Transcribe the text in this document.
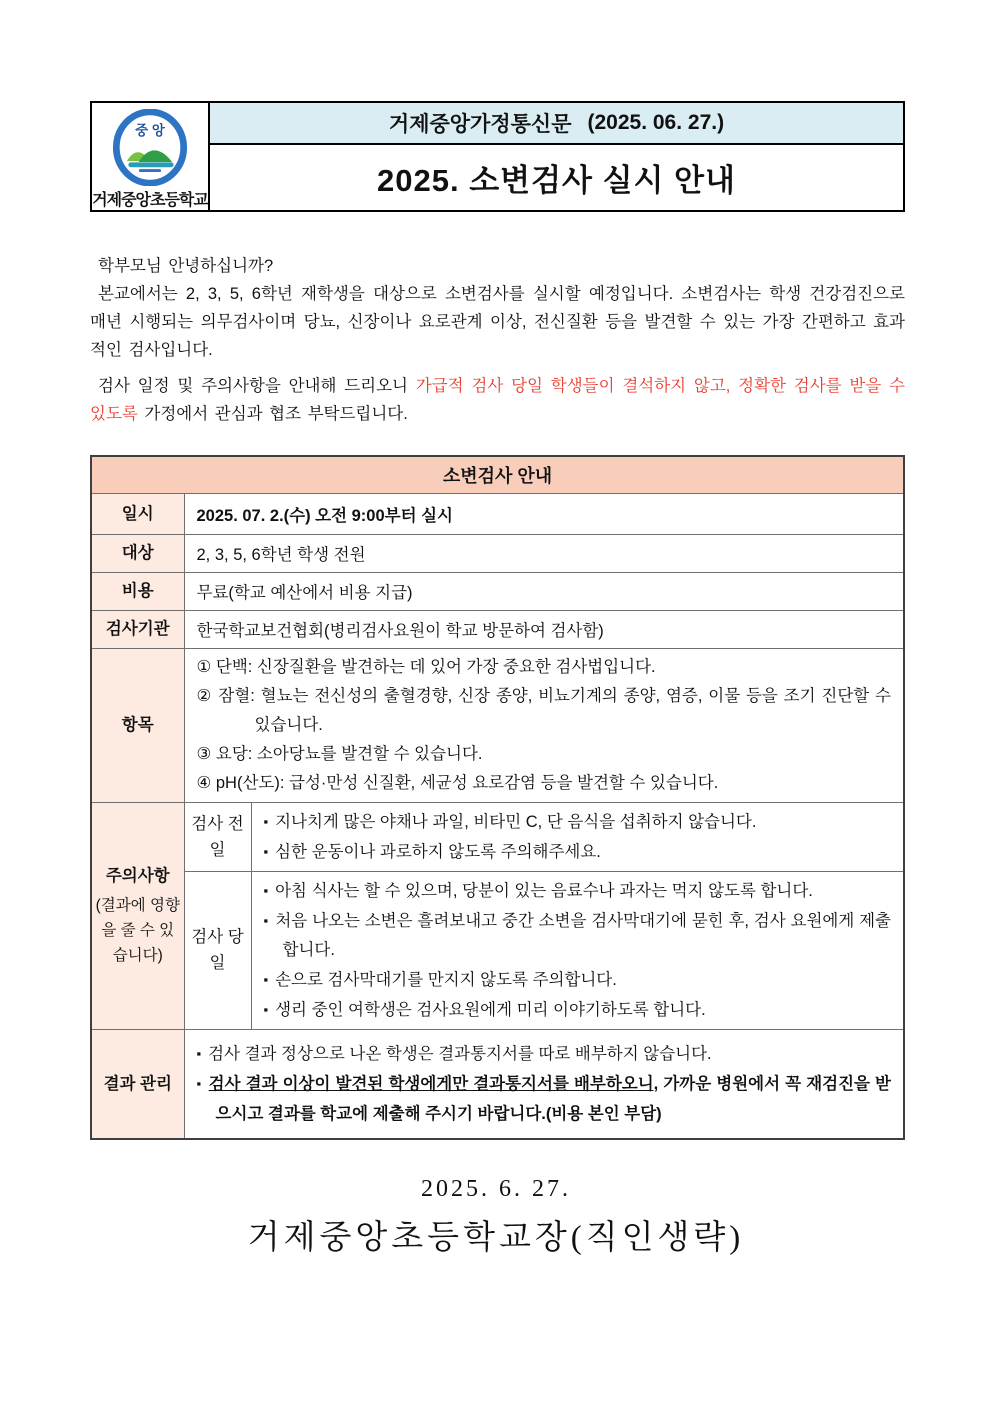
중 앙
거제중앙초등학교
거제중앙가정통신문 (2025. 06. 27.)
2025. 소변검사 실시 안내

학부모님 안녕하십니까?

본교에서는 2, 3, 5, 6학년 재학생을 대상으로 소변검사를 실시할 예정입니다. 소변검사는 학생 건강검진으로 매년 시행되는 의무검사이며 당뇨, 신장이나 요로관계 이상, 전신질환 등을 발견할 수 있는 가장 간편하고 효과적인 검사입니다.

검사 일정 및 주의사항을 안내해 드리오니 가급적 검사 당일 학생들이 결석하지 않고, 정확한 검사를 받을 수 있도록 가정에서 관심과 협조 부탁드립니다.

소변검사 안내		
일시	2025. 07. 2.(수) 오전 9:00부터 실시	
대상	2, 3, 5, 6학년 학생 전원	
비용	무료(학교 예산에서 비용 지급)	
검사기관	한국학교보건협회(병리검사요원이 학교 방문하여 검사함)	
항목	① 단백: 신장질환을 발견하는 데 있어 가장 중요한 검사법입니다.
② 잠혈: 혈뇨는 전신성의 출혈경향, 신장 종양, 비뇨기계의 종양, 염증, 이물 등을 조기 진단할 수 있습니다.
③ 요당: 소아당뇨를 발견할 수 있습니다.
④ pH(산도): 급성·만성 신질환, 세균성 요로감염 등을 발견할 수 있습니다.	

주의사항
(결과에 영향을 줄 수 있습니다)
	검사 전일	
▪ 지나치게 많은 야채나 과일, 비타민 C, 단 음식을 섭취하지 않습니다.
▪ 심한 운동이나 과로하지 않도록 주의해주세요.

	검사 당일	▪ 아침 식사는 할 수 있으며, 당분이 있는 음료수나 과자는 먹지 않도록 합니다.
▪ 처음 나오는 소변은 흘려보내고 중간 소변을 검사막대기에 묻힌 후, 검사 요원에게 제출합니다.
▪ 손으로 검사막대기를 만지지 않도록 주의합니다.
▪ 생리 중인 여학생은 검사요원에게 미리 이야기하도록 합니다.

결과 관리	▪ 검사 결과 정상으로 나온 학생은 결과통지서를 따로 배부하지 않습니다.
▪ 검사 결과 이상이 발견된 학생에게만 결과통지서를 배부하오니, 가까운 병원에서 꼭 재검진을 받으시고 결과를 학교에 제출해 주시기 바랍니다.(비용 본인 부담)	
2025. 6. 27.
거제중앙초등학교장(직인생략)
